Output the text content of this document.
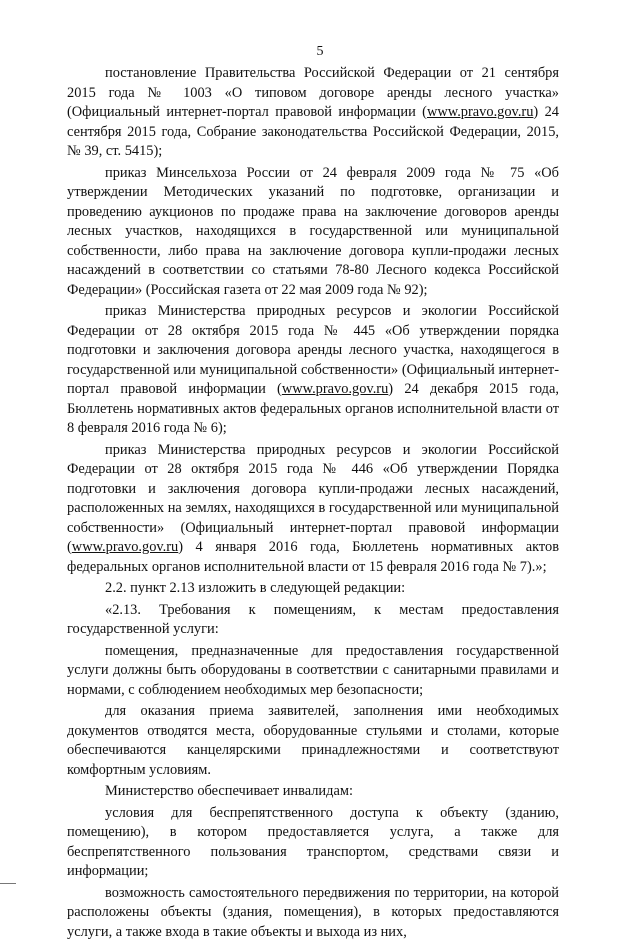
5

постановление Правительства Российской Федерации от 21 сентября 2015 года № 1003 «О типовом договоре аренды лесного участка» (Официальный интернет-портал правовой информации (www.pravo.gov.ru) 24 сентября 2015 года, Собрание законодательства Российской Федерации, 2015, № 39, ст. 5415);

приказ Минсельхоза России от 24 февраля 2009 года № 75 «Об утверждении Методических указаний по подготовке, организации и проведению аукционов по продаже права на заключение договоров аренды лесных участков, находящихся в государственной или муниципальной собственности, либо права на заключение договора купли-продажи лесных насаждений в соответствии со статьями 78-80 Лесного кодекса Российской Федерации» (Российская газета от 22 мая 2009 года № 92);

приказ Министерства природных ресурсов и экологии Российской Федерации от 28 октября 2015 года № 445 «Об утверждении порядка подготовки и заключения договора аренды лесного участка, находящегося в государственной или муниципальной собственности» (Официальный интернет-портал правовой информации (www.pravo.gov.ru) 24 декабря 2015 года, Бюллетень нормативных актов федеральных органов исполнительной власти от 8 февраля 2016 года № 6);

приказ Министерства природных ресурсов и экологии Российской Федерации от 28 октября 2015 года № 446 «Об утверждении Порядка подготовки и заключения договора купли-продажи лесных насаждений, расположенных на землях, находящихся в государственной или муниципальной собственности» (Официальный интернет-портал правовой информации (www.pravo.gov.ru) 4 января 2016 года, Бюллетень нормативных актов федеральных органов исполнительной власти от 15 февраля 2016 года № 7).»;

2.2. пункт 2.13 изложить в следующей редакции:

«2.13. Требования к помещениям, к местам предоставления государственной услуги:

помещения, предназначенные для предоставления государственной услуги должны быть оборудованы в соответствии с санитарными правилами и нормами, с соблюдением необходимых мер безопасности;

для оказания приема заявителей, заполнения ими необходимых документов отводятся места, оборудованные стульями и столами, которые обеспечиваются канцелярскими принадлежностями и соответствуют комфортным условиям.

Министерство обеспечивает инвалидам:

условия для беспрепятственного доступа к объекту (зданию, помещению), в котором предоставляется услуга, а также для беспрепятственного пользования транспортом, средствами связи и информации;

возможность самостоятельного передвижения по территории, на которой расположены объекты (здания, помещения), в которых предоставляются услуги, а также входа в такие объекты и выхода из них,
